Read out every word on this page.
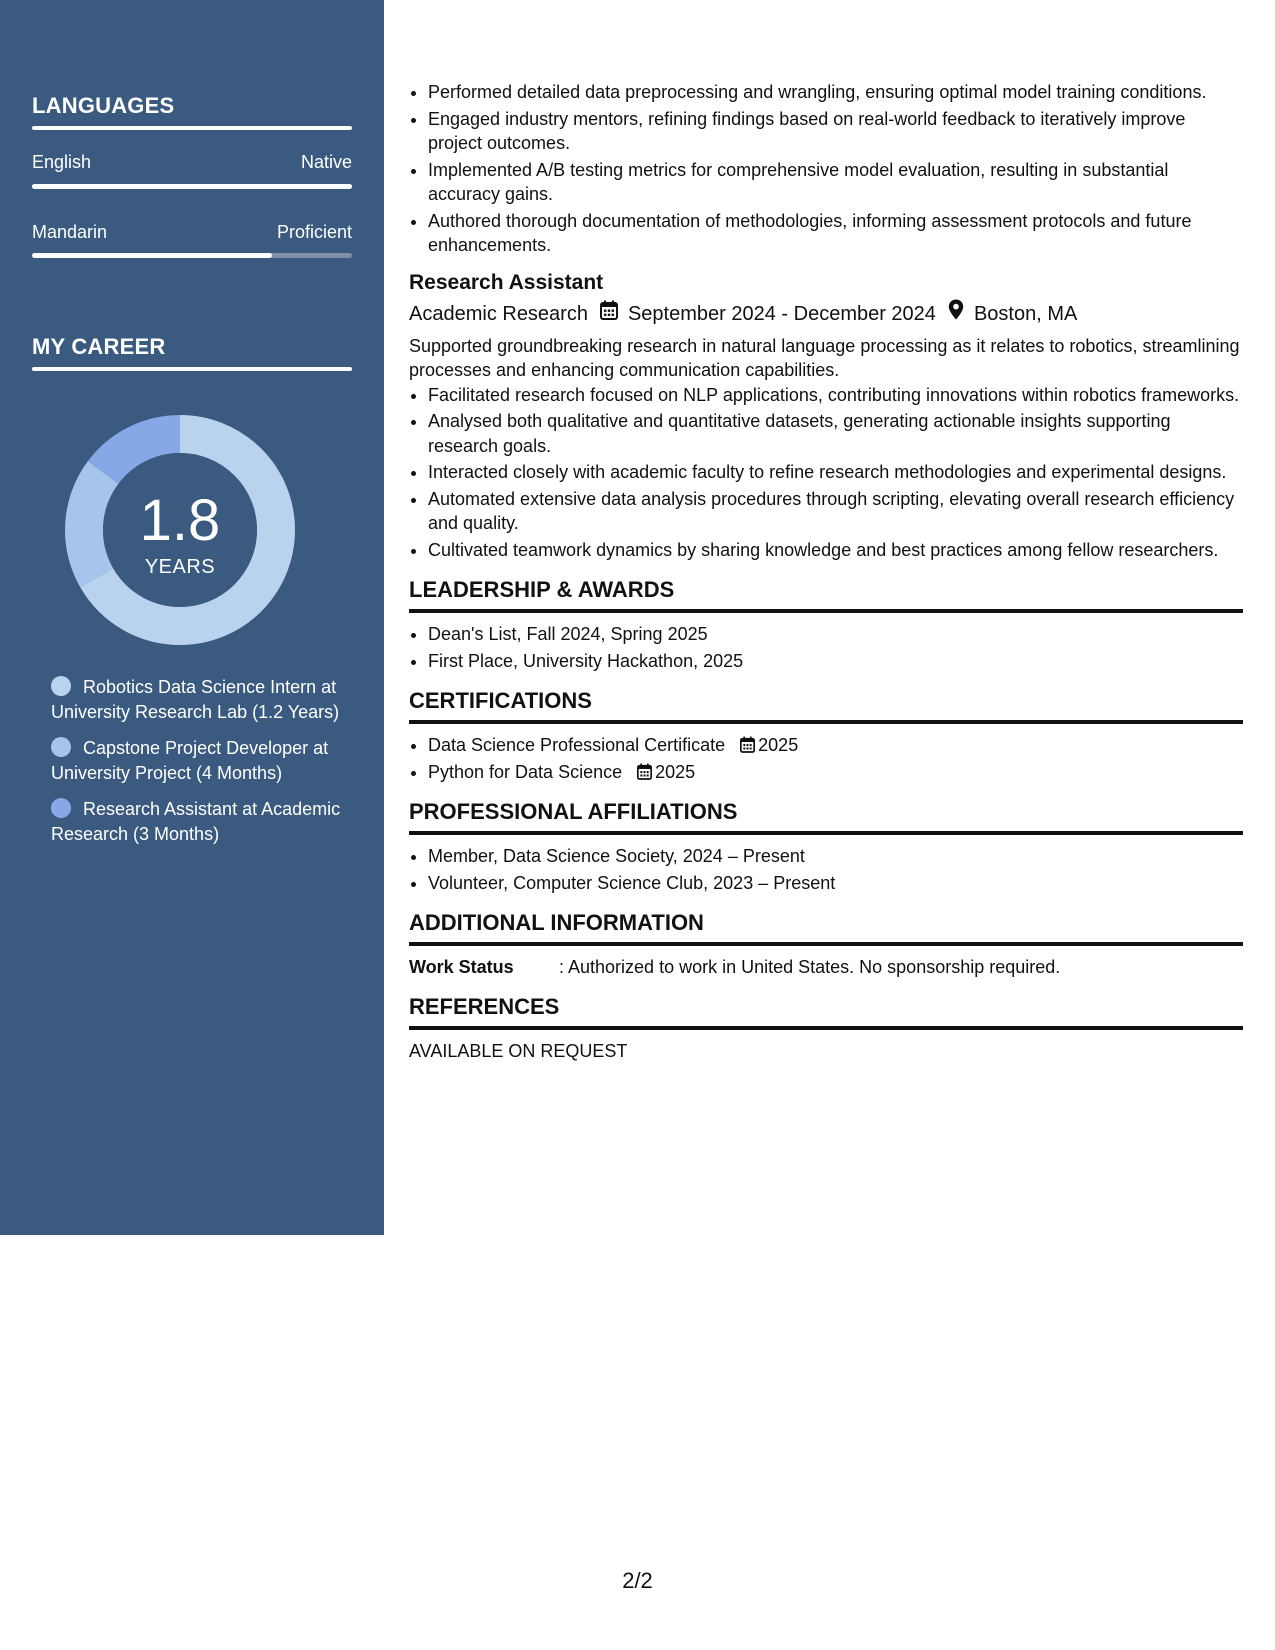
LANGUAGES
English	Native
Mandarin	Proficient
MY CAREER
1.8
YEARS
Robotics Data Science Intern at University Research Lab (1.2 Years)
Capstone Project Developer at University Project (4 Months)
Research Assistant at Academic Research (3 Months)
• Performed detailed data preprocessing and wrangling, ensuring optimal model training conditions.
• Engaged industry mentors, refining findings based on real-world feedback to iteratively improve project outcomes.
• Implemented A/B testing metrics for comprehensive model evaluation, resulting in substantial accuracy gains.
• Authored thorough documentation of methodologies, informing assessment protocols and future enhancements.
Research Assistant
Academic Research September 2024 - December 2024 Boston, MA
Supported groundbreaking research in natural language processing as it relates to robotics, streamlining processes and enhancing communication capabilities.
• Facilitated research focused on NLP applications, contributing innovations within robotics frameworks.
• Analysed both qualitative and quantitative datasets, generating actionable insights supporting research goals.
• Interacted closely with academic faculty to refine research methodologies and experimental designs.
• Automated extensive data analysis procedures through scripting, elevating overall research efficiency and quality.
• Cultivated teamwork dynamics by sharing knowledge and best practices among fellow researchers.
LEADERSHIP & AWARDS
• Dean's List, Fall 2024, Spring 2025
• First Place, University Hackathon, 2025
CERTIFICATIONS
• Data Science Professional Certificate 2025
• Python for Data Science 2025
PROFESSIONAL AFFILIATIONS
• Member, Data Science Society, 2024 – Present
• Volunteer, Computer Science Club, 2023 – Present
ADDITIONAL INFORMATION
Work Status	: Authorized to work in United States. No sponsorship required.
REFERENCES
AVAILABLE ON REQUEST
2/2
